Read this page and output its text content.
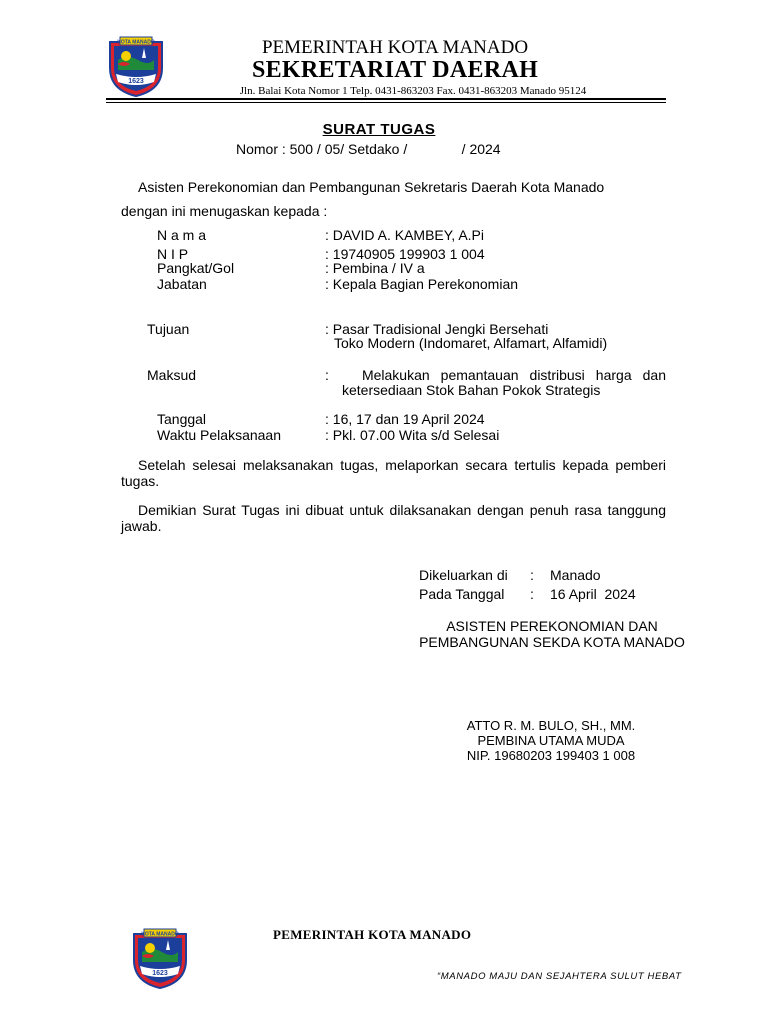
KOTA MANADO
1623
PEMERINTAH KOTA MANADO
SEKRETARIAT DAERAH
Jln. Balai Kota Nomor 1 Telp. 0431-863203 Fax. 0431-863203 Manado 95124
SURAT TUGAS
Nomor : 500 / 05/ Setdako /              / 2024
Asisten Perekonomian dan Pembangunan Sekretaris Daerah Kota Manado
dengan ini menugaskan kepada :
N a m a	: DAVID A. KAMBEY, A.Pi
N I P	: 19740905 199903 1 004
Pangkat/Gol	: Pembina / IV a
Jabatan	: Kepala Bagian Perekonomian
Tujuan	: Pasar Tradisional Jengki Bersehati
Toko Modern (Indomaret, Alfamart, Alfamidi)
Maksud	:   Melakukan pemantauan distribusi harga dan
ketersediaan Stok Bahan Pokok Strategis
Tanggal	: 16, 17 dan 19 April 2024
Waktu Pelaksanaan	: Pkl. 07.00 Wita s/d Selesai
Setelah selesai melaksanakan tugas, melaporkan secara tertulis kepada pemberi tugas.
Demikian Surat Tugas ini dibuat untuk dilaksanakan dengan penuh rasa tanggung jawab.
Dikeluarkan di : Manado
Pada Tanggal : 16 April  2024
ASISTEN PEREKONOMIAN DAN
PEMBANGUNAN SEKDA KOTA MANADO
ATTO R. M. BULO, SH., MM.
PEMBINA UTAMA MUDA
NIP. 19680203 199403 1 008
KOTA MANADO
1623
PEMERINTAH KOTA MANADO
“MANADO MAJU DAN SEJAHTERA SULUT HEBAT
